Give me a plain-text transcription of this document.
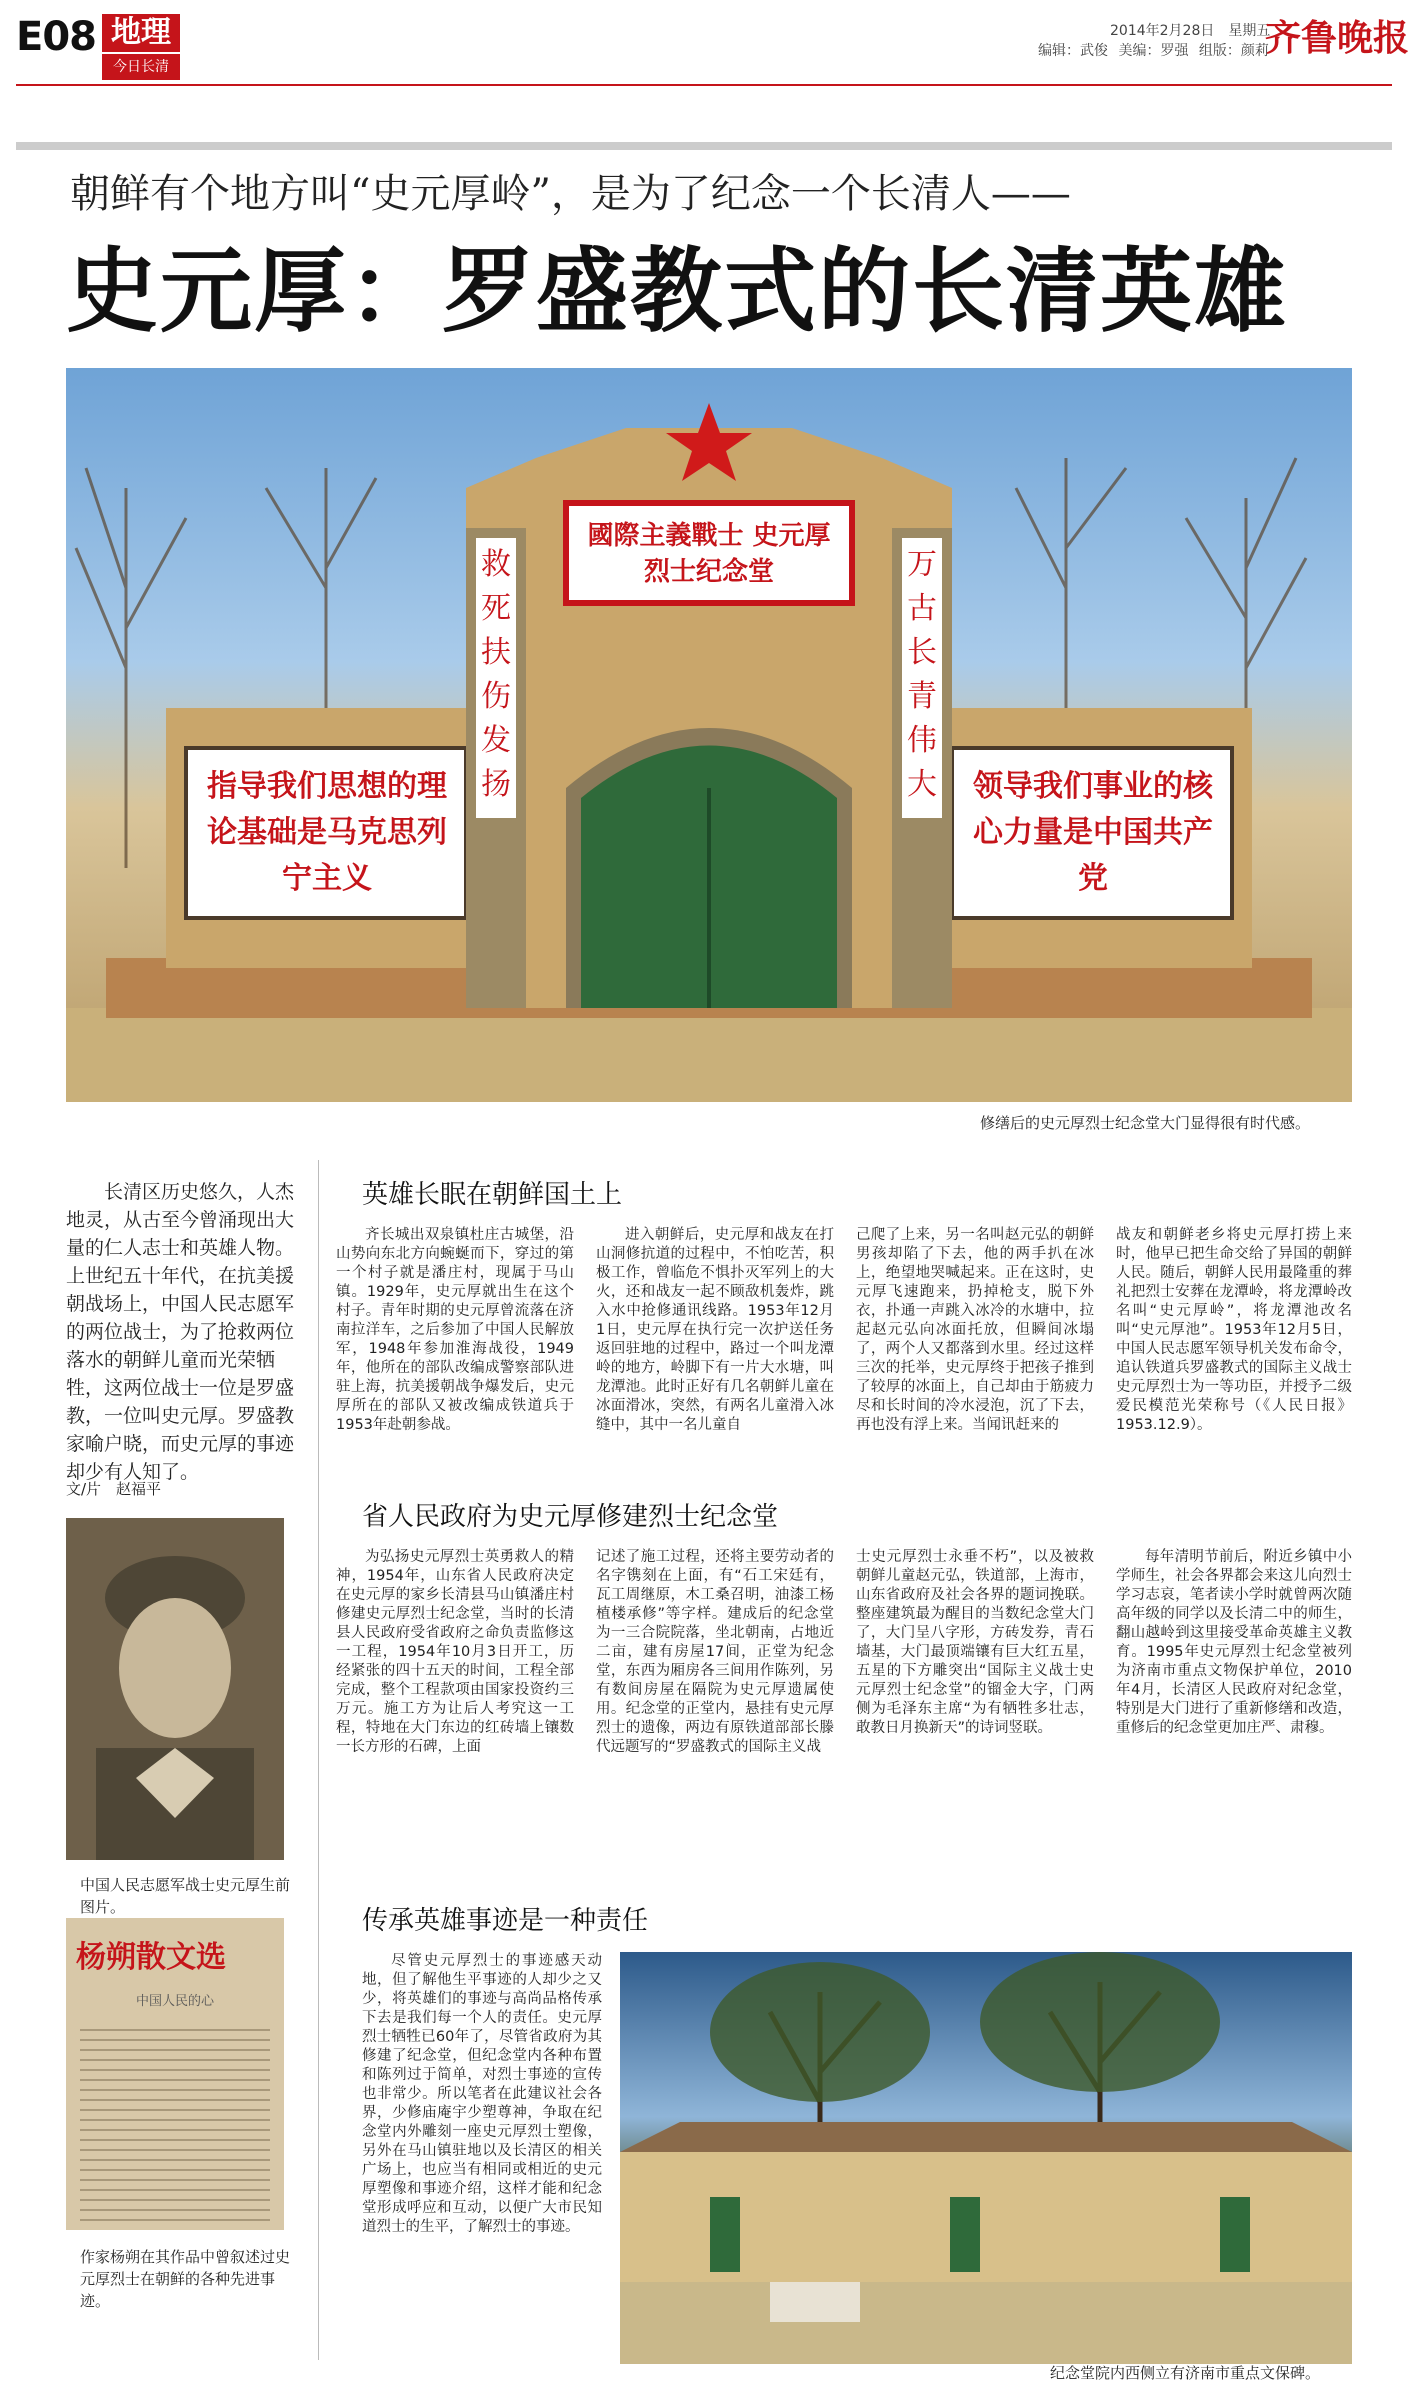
E08 地理
今日长清
2014年2月28日　星期五
齐鲁晚报
编辑：武俊 美编：罗强 组版：颜莉
朝鲜有个地方叫“史元厚岭”，是为了纪念一个长清人——
史元厚：罗盛教式的长清英雄
國際主義戰士 史元厚烈士纪念堂
救死扶伤发扬
万古长青伟大
指导我们思想的理论基础是马克思列宁主义
领导我们事业的核心力量是中国共产党
修缮后的史元厚烈士纪念堂大门显得很有时代感。
长清区历史悠久，人杰地灵，从古至今曾涌现出大量的仁人志士和英雄人物。上世纪五十年代，在抗美援朝战场上，中国人民志愿军的两位战士，为了抢救两位落水的朝鲜儿童而光荣牺牲，这两位战士一位是罗盛教，一位叫史元厚。罗盛教家喻户晓，而史元厚的事迹却少有人知了。
文/片　赵福平
中国人民志愿军战士史元厚生前图片。
杨朔散文选
中国人民的心
作家杨朔在其作品中曾叙述过史元厚烈士在朝鲜的各种先进事迹。
英雄长眠在朝鲜国土上
齐长城出双泉镇杜庄古城堡，沿山势向东北方向蜿蜒而下，穿过的第一个村子就是潘庄村，现属于马山镇。1929年，史元厚就出生在这个村子。青年时期的史元厚曾流落在济南拉洋车，之后参加了中国人民解放军，1948年参加淮海战役，1949年，他所在的部队改编成警察部队进驻上海，抗美援朝战争爆发后，史元厚所在的部队又被改编成铁道兵于1953年赴朝参战。
进入朝鲜后，史元厚和战友在打山洞修抗道的过程中，不怕吃苦，积极工作，曾临危不惧扑灭军列上的大火，还和战友一起不顾敌机轰炸，跳入水中抢修通讯线路。1953年12月1日，史元厚在执行完一次护送任务返回驻地的过程中，路过一个叫龙潭岭的地方，岭脚下有一片大水塘，叫龙潭池。此时正好有几名朝鲜儿童在冰面滑冰，突然，有两名儿童滑入冰缝中，其中一名儿童自
己爬了上来，另一名叫赵元弘的朝鲜男孩却陷了下去，他的两手扒在冰上，绝望地哭喊起来。正在这时，史元厚飞速跑来，扔掉枪支，脱下外衣，扑通一声跳入冰冷的水塘中，拉起赵元弘向冰面托放，但瞬间冰塌了，两个人又都落到水里。经过这样三次的托举，史元厚终于把孩子推到了较厚的冰面上，自己却由于筋疲力尽和长时间的冷水浸泡，沉了下去，再也没有浮上来。当闻讯赶来的
战友和朝鲜老乡将史元厚打捞上来时，他早已把生命交给了异国的朝鲜人民。随后，朝鲜人民用最隆重的葬礼把烈士安葬在龙潭岭，将龙潭岭改名叫“史元厚岭”，将龙潭池改名叫“史元厚池”。1953年12月5日，中国人民志愿军领导机关发布命令，追认铁道兵罗盛教式的国际主义战士史元厚烈士为一等功臣，并授予二级爱民模范光荣称号（《人民日报》1953.12.9）。
省人民政府为史元厚修建烈士纪念堂
为弘扬史元厚烈士英勇救人的精神，1954年，山东省人民政府决定在史元厚的家乡长清县马山镇潘庄村修建史元厚烈士纪念堂，当时的长清县人民政府受省政府之命负责监修这一工程，1954年10月3日开工，历经紧张的四十五天的时间，工程全部完成，整个工程款项由国家投资约三万元。施工方为让后人考究这一工程，特地在大门东边的红砖墙上镶数一长方形的石碑，上面
记述了施工过程，还将主要劳动者的名字镌刻在上面，有“石工宋廷有，瓦工周继原，木工桑召明，油漆工杨植楼承修”等字样。建成后的纪念堂为一三合院院落，坐北朝南，占地近二亩，建有房屋17间，正堂为纪念堂，东西为厢房各三间用作陈列，另有数间房屋在隔院为史元厚遗属使用。纪念堂的正堂内，悬挂有史元厚烈士的遗像，两边有原铁道部部长滕代远题写的“罗盛教式的国际主义战
士史元厚烈士永垂不朽”，以及被救朝鲜儿童赵元弘，铁道部，上海市，山东省政府及社会各界的题词挽联。整座建筑最为醒目的当数纪念堂大门了，大门呈八字形，方砖发券，青石墙基，大门最顶端镶有巨大红五星，五星的下方雕突出“国际主义战士史元厚烈士纪念堂”的镏金大字，门两侧为毛泽东主席“为有牺牲多壮志，敢教日月换新天”的诗词竖联。
每年清明节前后，附近乡镇中小学师生，社会各界都会来这儿向烈士学习志哀，笔者读小学时就曾两次随高年级的同学以及长清二中的师生，翻山越岭到这里接受革命英雄主义教育。1995年史元厚烈士纪念堂被列为济南市重点文物保护单位，2010年4月，长清区人民政府对纪念堂，特别是大门进行了重新修缮和改造，重修后的纪念堂更加庄严、肃穆。
传承英雄事迹是一种责任
尽管史元厚烈士的事迹感天动地，但了解他生平事迹的人却少之又少，将英雄们的事迹与高尚品格传承下去是我们每一个人的责任。史元厚烈士牺牲已60年了，尽管省政府为其修建了纪念堂，但纪念堂内各种布置和陈列过于简单，对烈士事迹的宣传也非常少。所以笔者在此建议社会各界，少修庙庵宇少塑尊神，争取在纪念堂内外雕刻一座史元厚烈士塑像，另外在马山镇驻地以及长清区的相关广场上，也应当有相同或相近的史元厚塑像和事迹介绍，这样才能和纪念堂形成呼应和互动，以便广大市民知道烈士的生平，了解烈士的事迹。
纪念堂院内西侧立有济南市重点文保碑。
